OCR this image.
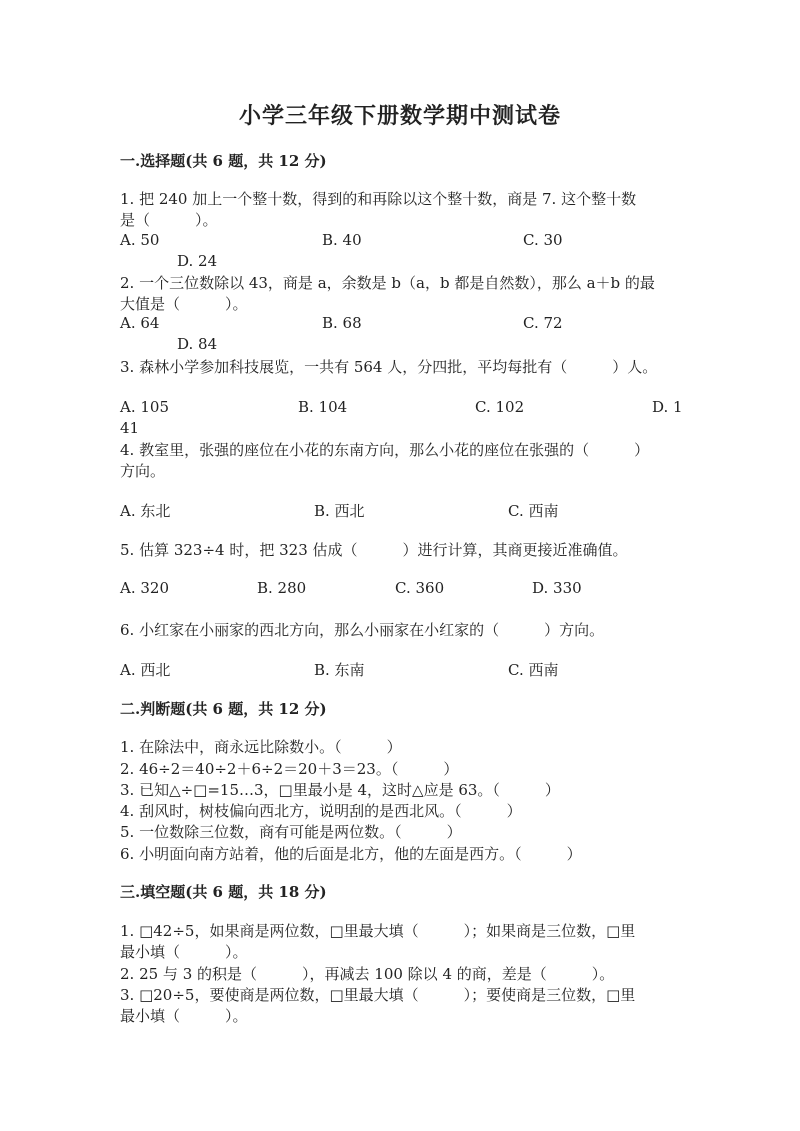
小学三年级下册数学期中测试卷
一.选择题(共 6 题，共 12 分)
1. 把 240 加上一个整十数，得到的和再除以这个整十数，商是 7. 这个整十数
是（　　　）。
A. 50	B. 40	C. 30
D. 24
2. 一个三位数除以 43，商是 a，余数是 b（a，b 都是自然数），那么 a＋b 的最
大值是（　　　）。
A. 64	B. 68	C. 72
D. 84
3. 森林小学参加科技展览，一共有 564 人，分四批，平均每批有（　　　）人。
A. 105	B. 104	C. 102	D. 1
41
4. 教室里，张强的座位在小花的东南方向，那么小花的座位在张强的（　　　）
方向。
A. 东北	B. 西北	C. 西南
5. 估算 323÷4 时，把 323 估成（　　　）进行计算，其商更接近准确值。
A. 320	B. 280	C. 360	D. 330
6. 小红家在小丽家的西北方向，那么小丽家在小红家的（　　　）方向。
A. 西北	B. 东南	C. 西南
二.判断题(共 6 题，共 12 分)
1. 在除法中，商永远比除数小。（　　　）
2. 46÷2＝40÷2＋6÷2＝20＋3＝23。（　　　）
3. 已知△÷□=15…3，□里最小是 4，这时△应是 63。（　　　）
4. 刮风时，树枝偏向西北方，说明刮的是西北风。（　　　）
5. 一位数除三位数，商有可能是两位数。（　　　）
6. 小明面向南方站着，他的后面是北方，他的左面是西方。（　　　）
三.填空题(共 6 题，共 18 分)
1. □42÷5，如果商是两位数，□里最大填（　　　）；如果商是三位数，□里
最小填（　　　）。
2. 25 与 3 的积是（　　　），再减去 100 除以 4 的商，差是（　　　）。
3. □20÷5，要使商是两位数，□里最大填（　　　）；要使商是三位数，□里
最小填（　　　）。
